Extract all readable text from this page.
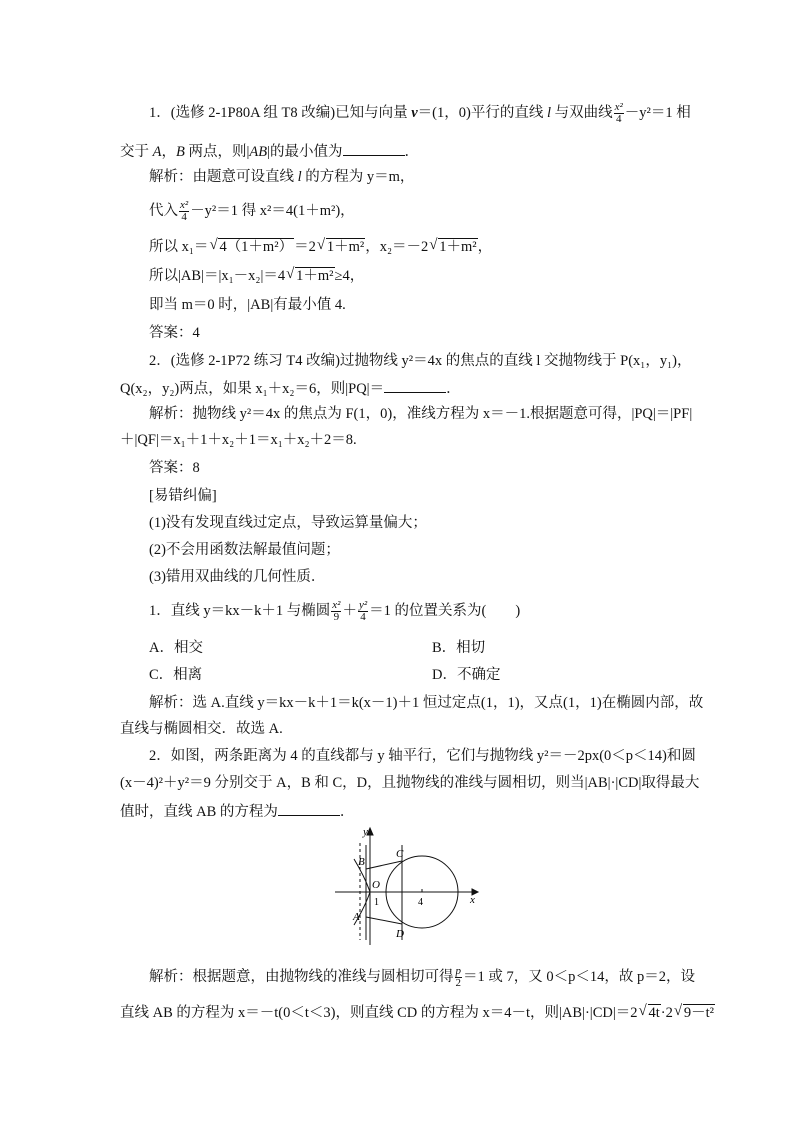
1．(选修 2-1P80A 组 T8 改编)已知与向量 v＝(1，0)平行的直线 l 与双曲线 $\frac{\text{x²}}{4} -y^2=1$ 相
交于 A，B 两点，则|AB|的最小值为	．
解析：由题意可设直线 l 的方程为 y＝m，
代入 $\frac{\text{x²}}{4} -y^2=1$ 得 x²＝4(1＋m²)，
所以 x₁＝ √ 4（1＋m²）＝2 √ 1＋m²，x₂＝－2 √ 1＋m²，
所以|AB|＝|x₁－x₂|＝4 √ 1＋m²≥4，
即当 m＝0 时，|AB|有最小值 4.
答案：4
2．(选修 2-1P72 练习 T4 改编)过抛物线 y²＝4x 的焦点的直线 l 交抛物线于 P(x₁，y₁)，
Q(x₂，y₂)两点，如果 x₁＋x₂＝6，则|PQ|＝	．
解析：抛物线 y²＝4x 的焦点为 F(1，0)，准线方程为 x＝－1.根据题意可得，|PQ|＝|PF|
＋|QF|＝x₁＋1＋x₂＋1＝x₁＋x₂＋2＝8.
答案：8
[易错纠偏]
(1)没有发现直线过定点，导致运算量偏大；
(2)不会用函数法解最值问题；
(3)错用双曲线的几何性质．
1．直线 y＝kx－k＋1 与椭圆 $\frac{\text{x²}}{9} + \frac{\text{y²}}{4} =1$ 的位置关系为(　　)
A．相交	B．相切
C．相离	D．不确定
解析：选 A.直线 y＝kx－k＋1＝k(x－1)＋1 恒过定点(1，1)，又点(1，1)在椭圆内部，故
直线与椭圆相交．故选 A.
2．如图，两条距离为 4 的直线都与 y 轴平行，它们与抛物线 y²＝－2px(0＜p＜14)和圆
(x－4)²＋y²＝9 分别交于 A，B 和 C，D，且抛物线的准线与圆相切，则当|AB|·|CD|取得最大
值时，直线 AB 的方程为	．
y
x
O
1	4
A
B
C
D
解析：根据题意，由抛物线的准线与圆相切可得 $\frac{p}{2} =1$ 或 7，又 0＜p＜14，故 p＝2，设
直线 AB 的方程为 x＝－t(0＜t＜3)，则直线 CD 的方程为 x＝4－t，则|AB|·|CD|＝2 √ 4t·2 √ 9－t²
